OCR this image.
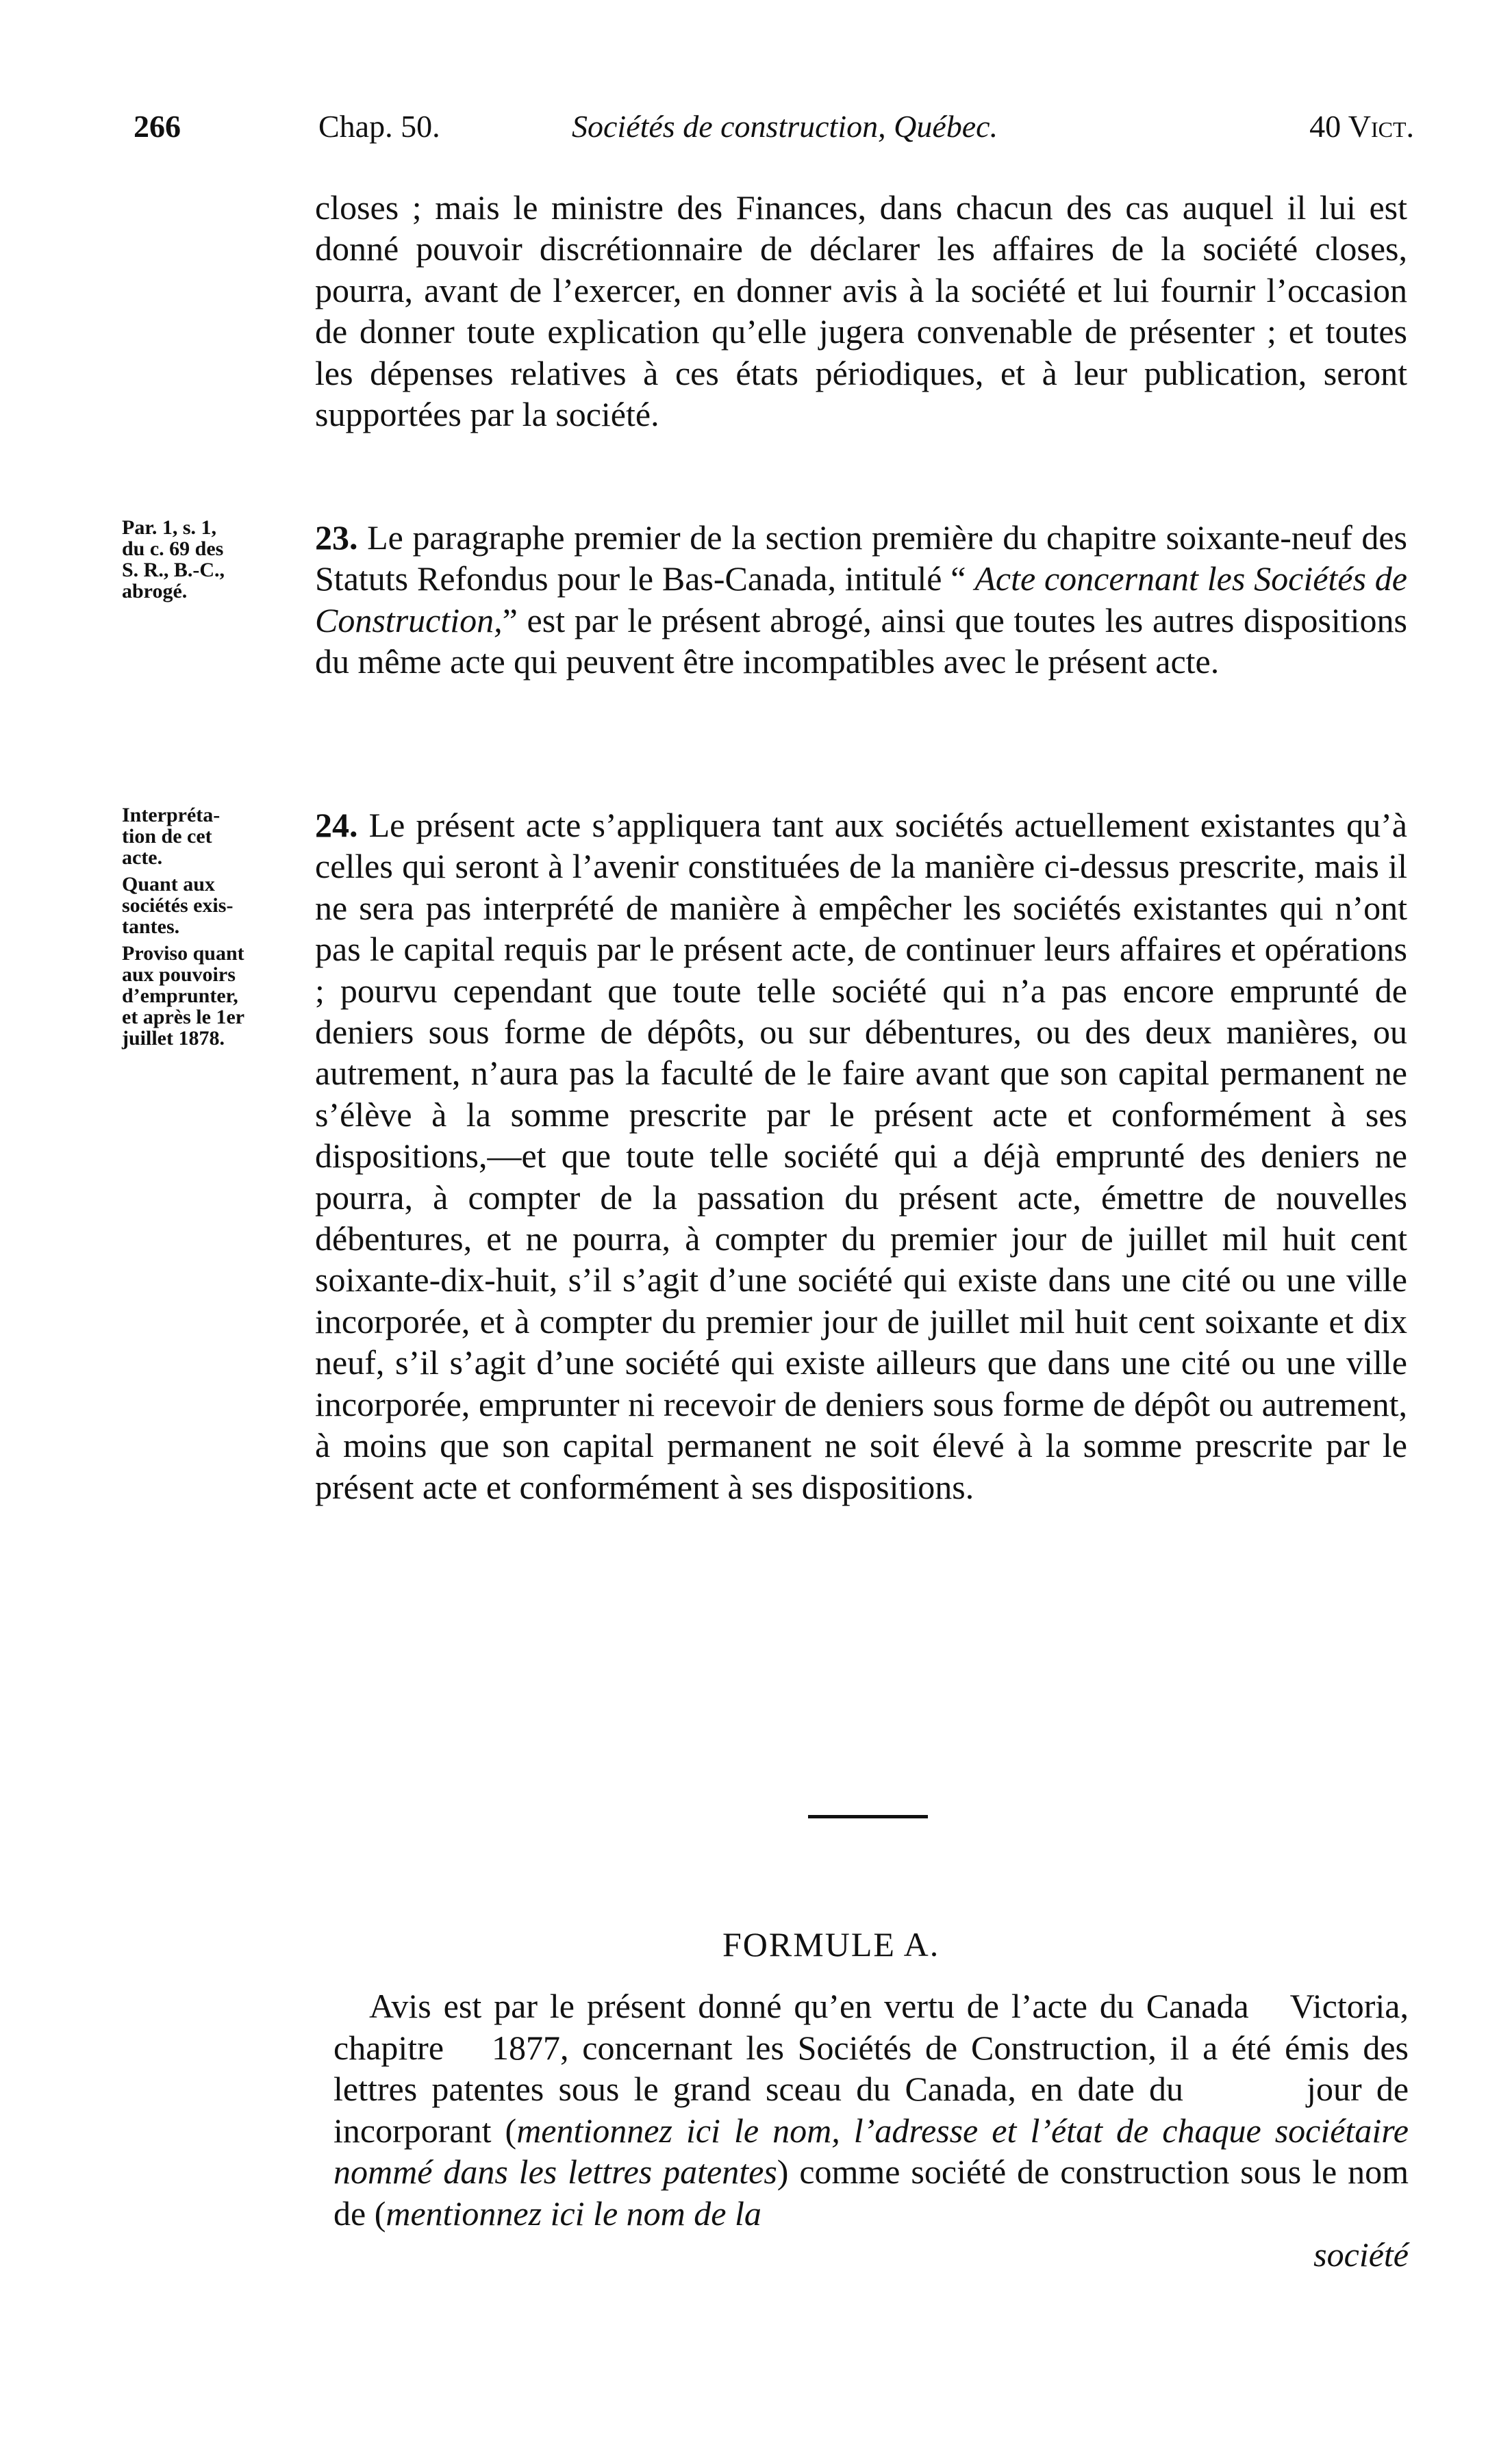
266	Chap. 50.	Sociétés de construction, Québec.	40 Vict.

closes ; mais le ministre des Finances, dans chacun des cas auquel il lui est donné pouvoir discrétionnaire de déclarer les affaires de la société closes, pourra, avant de l’exercer, en donner avis à la société et lui fournir l’occasion de donner toute explication qu’elle jugera convenable de présenter ; et toutes les dépenses relatives à ces états périodiques, et à leur publication, seront supportées par la société.

Par. 1, s. 1,
du c. 69 des
S. R., B.-C.,
abrogé.

23. Le paragraphe premier de la section première du chapitre soixante-neuf des Statuts Refondus pour le Bas-Canada, intitulé “ Acte concernant les Sociétés de Construction,” est par le présent abrogé, ainsi que toutes les autres dispositions du même acte qui peuvent être incompatibles avec le présent acte.

Interpréta-
tion de cet
acte.
Quant aux
sociétés exis-
tantes.
Proviso quant
aux pouvoirs
d’emprunter,
et après le 1er
juillet 1878.

24. Le présent acte s’appliquera tant aux sociétés actuellement existantes qu’à celles qui seront à l’avenir constituées de la manière ci-dessus prescrite, mais il ne sera pas interprété de manière à empêcher les sociétés existantes qui n’ont pas le capital requis par le présent acte, de continuer leurs affaires et opérations ; pourvu cependant que toute telle société qui n’a pas encore emprunté de deniers sous forme de dépôts, ou sur débentures, ou des deux manières, ou autrement, n’aura pas la faculté de le faire avant que son capital permanent ne s’élève à la somme prescrite par le présent acte et conformément à ses dispositions,—et que toute telle société qui a déjà emprunté des deniers ne pourra, à compter de la passation du présent acte, émettre de nouvelles débentures, et ne pourra, à compter du premier jour de juillet mil huit cent soixante-dix-huit, s’il s’agit d’une société qui existe dans une cité ou une ville incorporée, et à compter du premier jour de juillet mil huit cent soixante et dix neuf, s’il s’agit d’une société qui existe ailleurs que dans une cité ou une ville incorporée, emprunter ni recevoir de deniers sous forme de dépôt ou autrement, à moins que son capital permanent ne soit élevé à la somme prescrite par le présent acte et conformément à ses dispositions.

FORMULE A.

Avis est par le présent donné qu’en vertu de l’acte du Canada Victoria, chapitre 1877, concernant les Sociétés de Construction, il a été émis des lettres patentes sous le grand sceau du Canada, en date du	jour de incorporant (mentionnez ici le nom, l’adresse et l’état de chaque sociétaire nommé dans les lettres patentes) comme société de construction sous le nom de (mentionnez ici le nom de la

société
